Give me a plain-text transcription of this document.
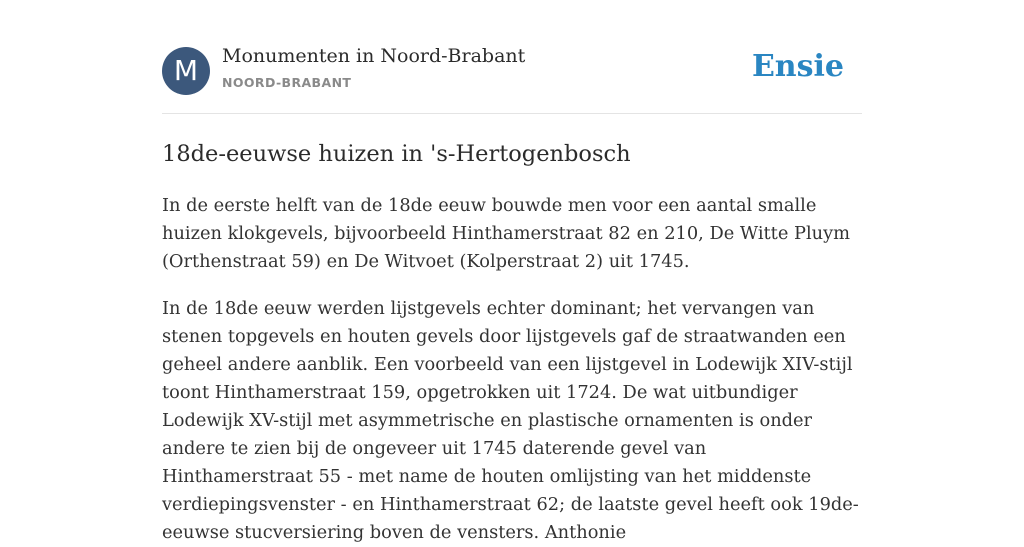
M	Monumenten in Noord-Brabant
NOORD-BRABANT	Ensie
18de-eeuwse huizen in 's-Hertogenbosch

In de eerste helft van de 18de eeuw bouwde men voor een aantal smalle huizen klokgevels, bijvoorbeeld Hinthamerstraat 82 en 210, De Witte Pluym (Orthenstraat 59) en De Witvoet (Kolperstraat 2) uit 1745.

In de 18de eeuw werden lijstgevels echter dominant; het vervangen van stenen topgevels en houten gevels door lijstgevels gaf de straatwanden een geheel andere aanblik. Een voorbeeld van een lijstgevel in Lodewijk XIV-stijl toont Hinthamerstraat 159, opgetrokken uit 1724. De wat uitbundiger Lodewijk XV-stijl met asymmetrische en plastische ornamenten is onder andere te zien bij de ongeveer uit 1745 daterende gevel van Hinthamerstraat 55 - met name de houten omlijsting van het middenste verdiepingsvenster - en Hinthamerstraat 62; de laatste gevel heeft ook 19de-eeuwse stucversiering boven de vensters. Anthonie
